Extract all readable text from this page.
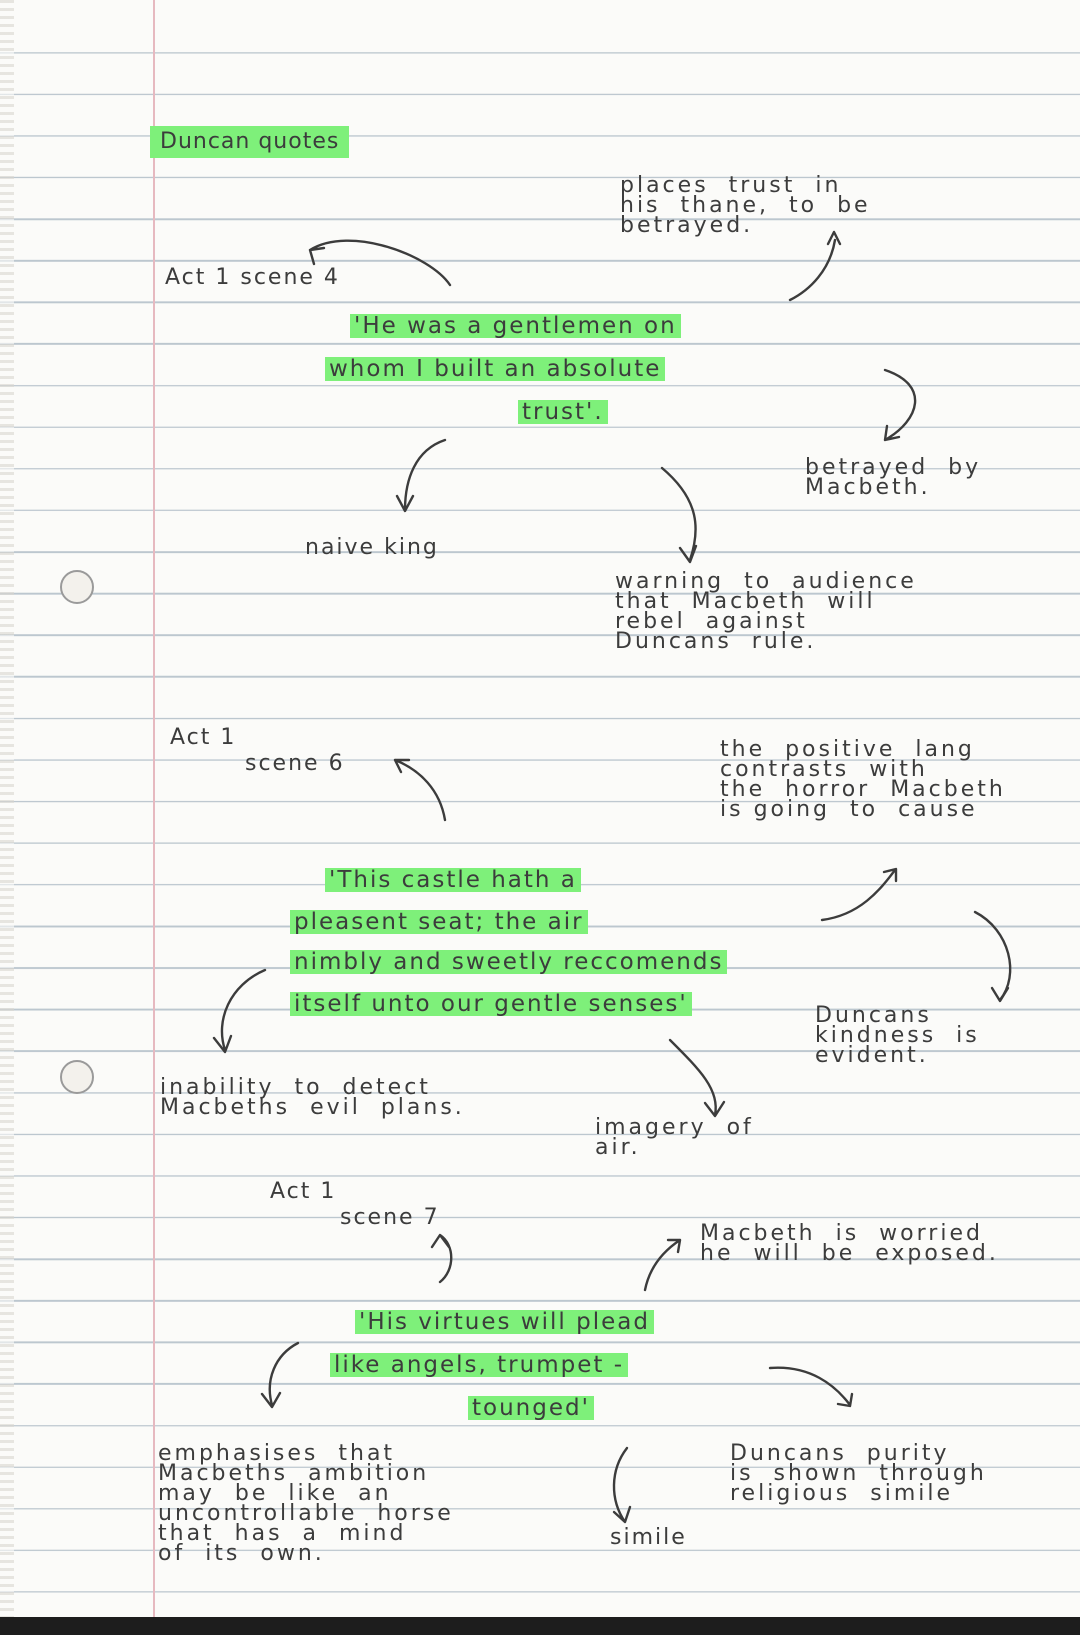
Duncan quotes
Act 1 scene 4
places  trust  in
his  thane,  to  be
betrayed.
'He was a gentlemen on
whom I built an absolute
trust'.
betrayed  by
Macbeth.
naive king
warning  to  audience
that  Macbeth  will
rebel  against
Duncans  rule.
Act 1
scene 6
the  positive  lang
contrasts  with
the  horror  Macbeth
is going  to  cause
'This castle hath a
pleasent seat; the air
nimbly and sweetly reccomends
itself unto our gentle senses'	Duncans
kindness  is
evident.
inability  to  detect
Macbeths  evil  plans.
imagery  of
air.
Act 1
scene 7
Macbeth  is  worried
he  will  be  exposed.
'His virtues will plead
like angels, trumpet -
tounged'
Duncans  purity
is  shown  through
religious  simile
emphasises  that
Macbeths  ambition
may  be  like  an
uncontrollable  horse
that  has  a  mind
of  its  own.
simile
